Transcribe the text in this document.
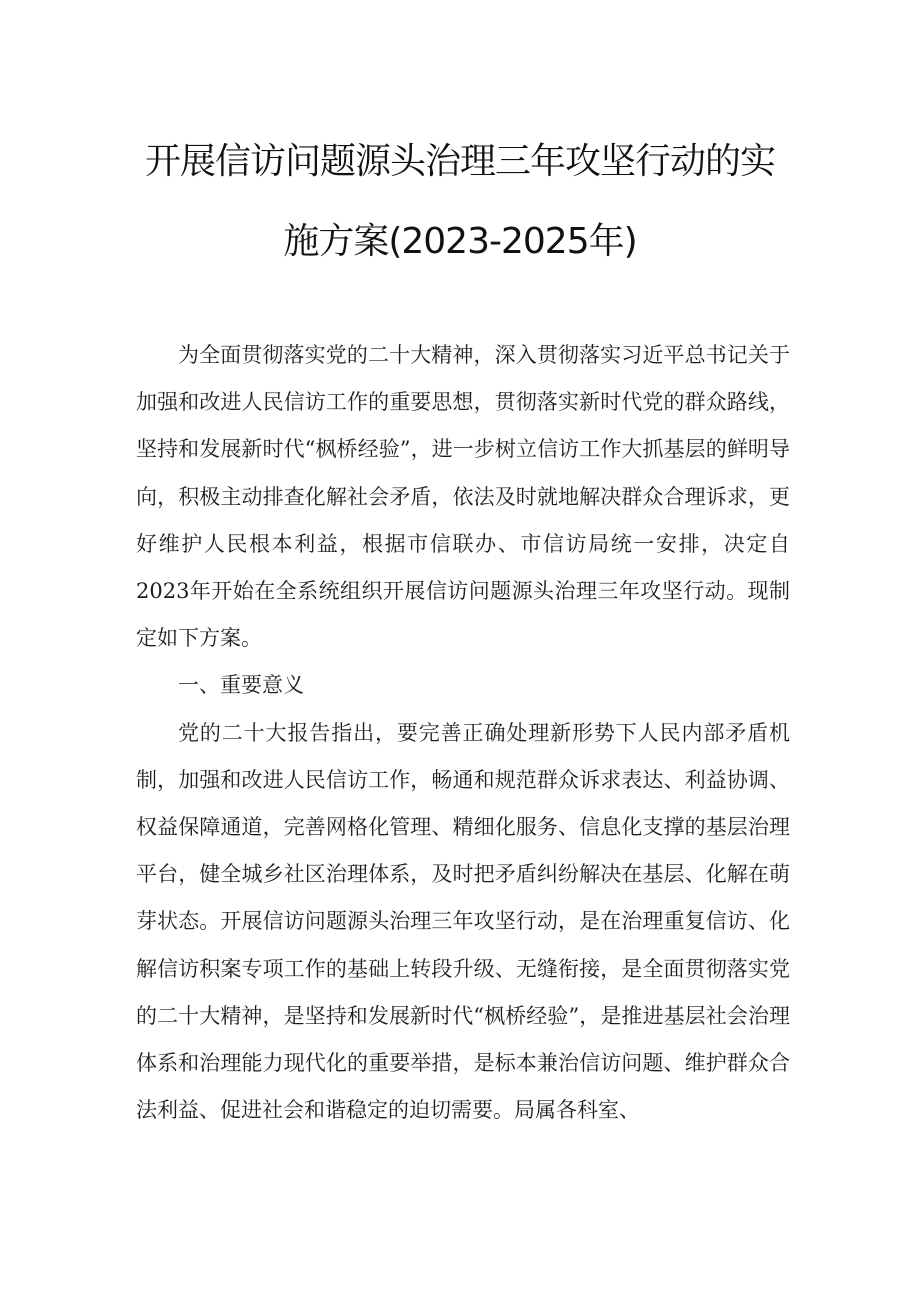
开展信访问题源头治理三年攻坚行动的实
施方案(2023-2025年)

为全面贯彻落实党的二十大精神，深入贯彻落实习近平总书记关于加强和改进人民信访工作的重要思想，贯彻落实新时代党的群众路线，坚持和发展新时代“枫桥经验”，进一步树立信访工作大抓基层的鲜明导向，积极主动排查化解社会矛盾，依法及时就地解决群众合理诉求，更好维护人民根本利益，根据市信联办、市信访局统一安排，决定自2023年开始在全系统组织开展信访问题源头治理三年攻坚行动。现制定如下方案。

一、重要意义

党的二十大报告指出，要完善正确处理新形势下人民内部矛盾机制，加强和改进人民信访工作，畅通和规范群众诉求表达、利益协调、权益保障通道，完善网格化管理、精细化服务、信息化支撑的基层治理平台，健全城乡社区治理体系，及时把矛盾纠纷解决在基层、化解在萌芽状态。开展信访问题源头治理三年攻坚行动，是在治理重复信访、化解信访积案专项工作的基础上转段升级、无缝衔接，是全面贯彻落实党的二十大精神，是坚持和发展新时代“枫桥经验”，是推进基层社会治理体系和治理能力现代化的重要举措，是标本兼治信访问题、维护群众合法利益、促进社会和谐稳定的迫切需要。局属各科室、
